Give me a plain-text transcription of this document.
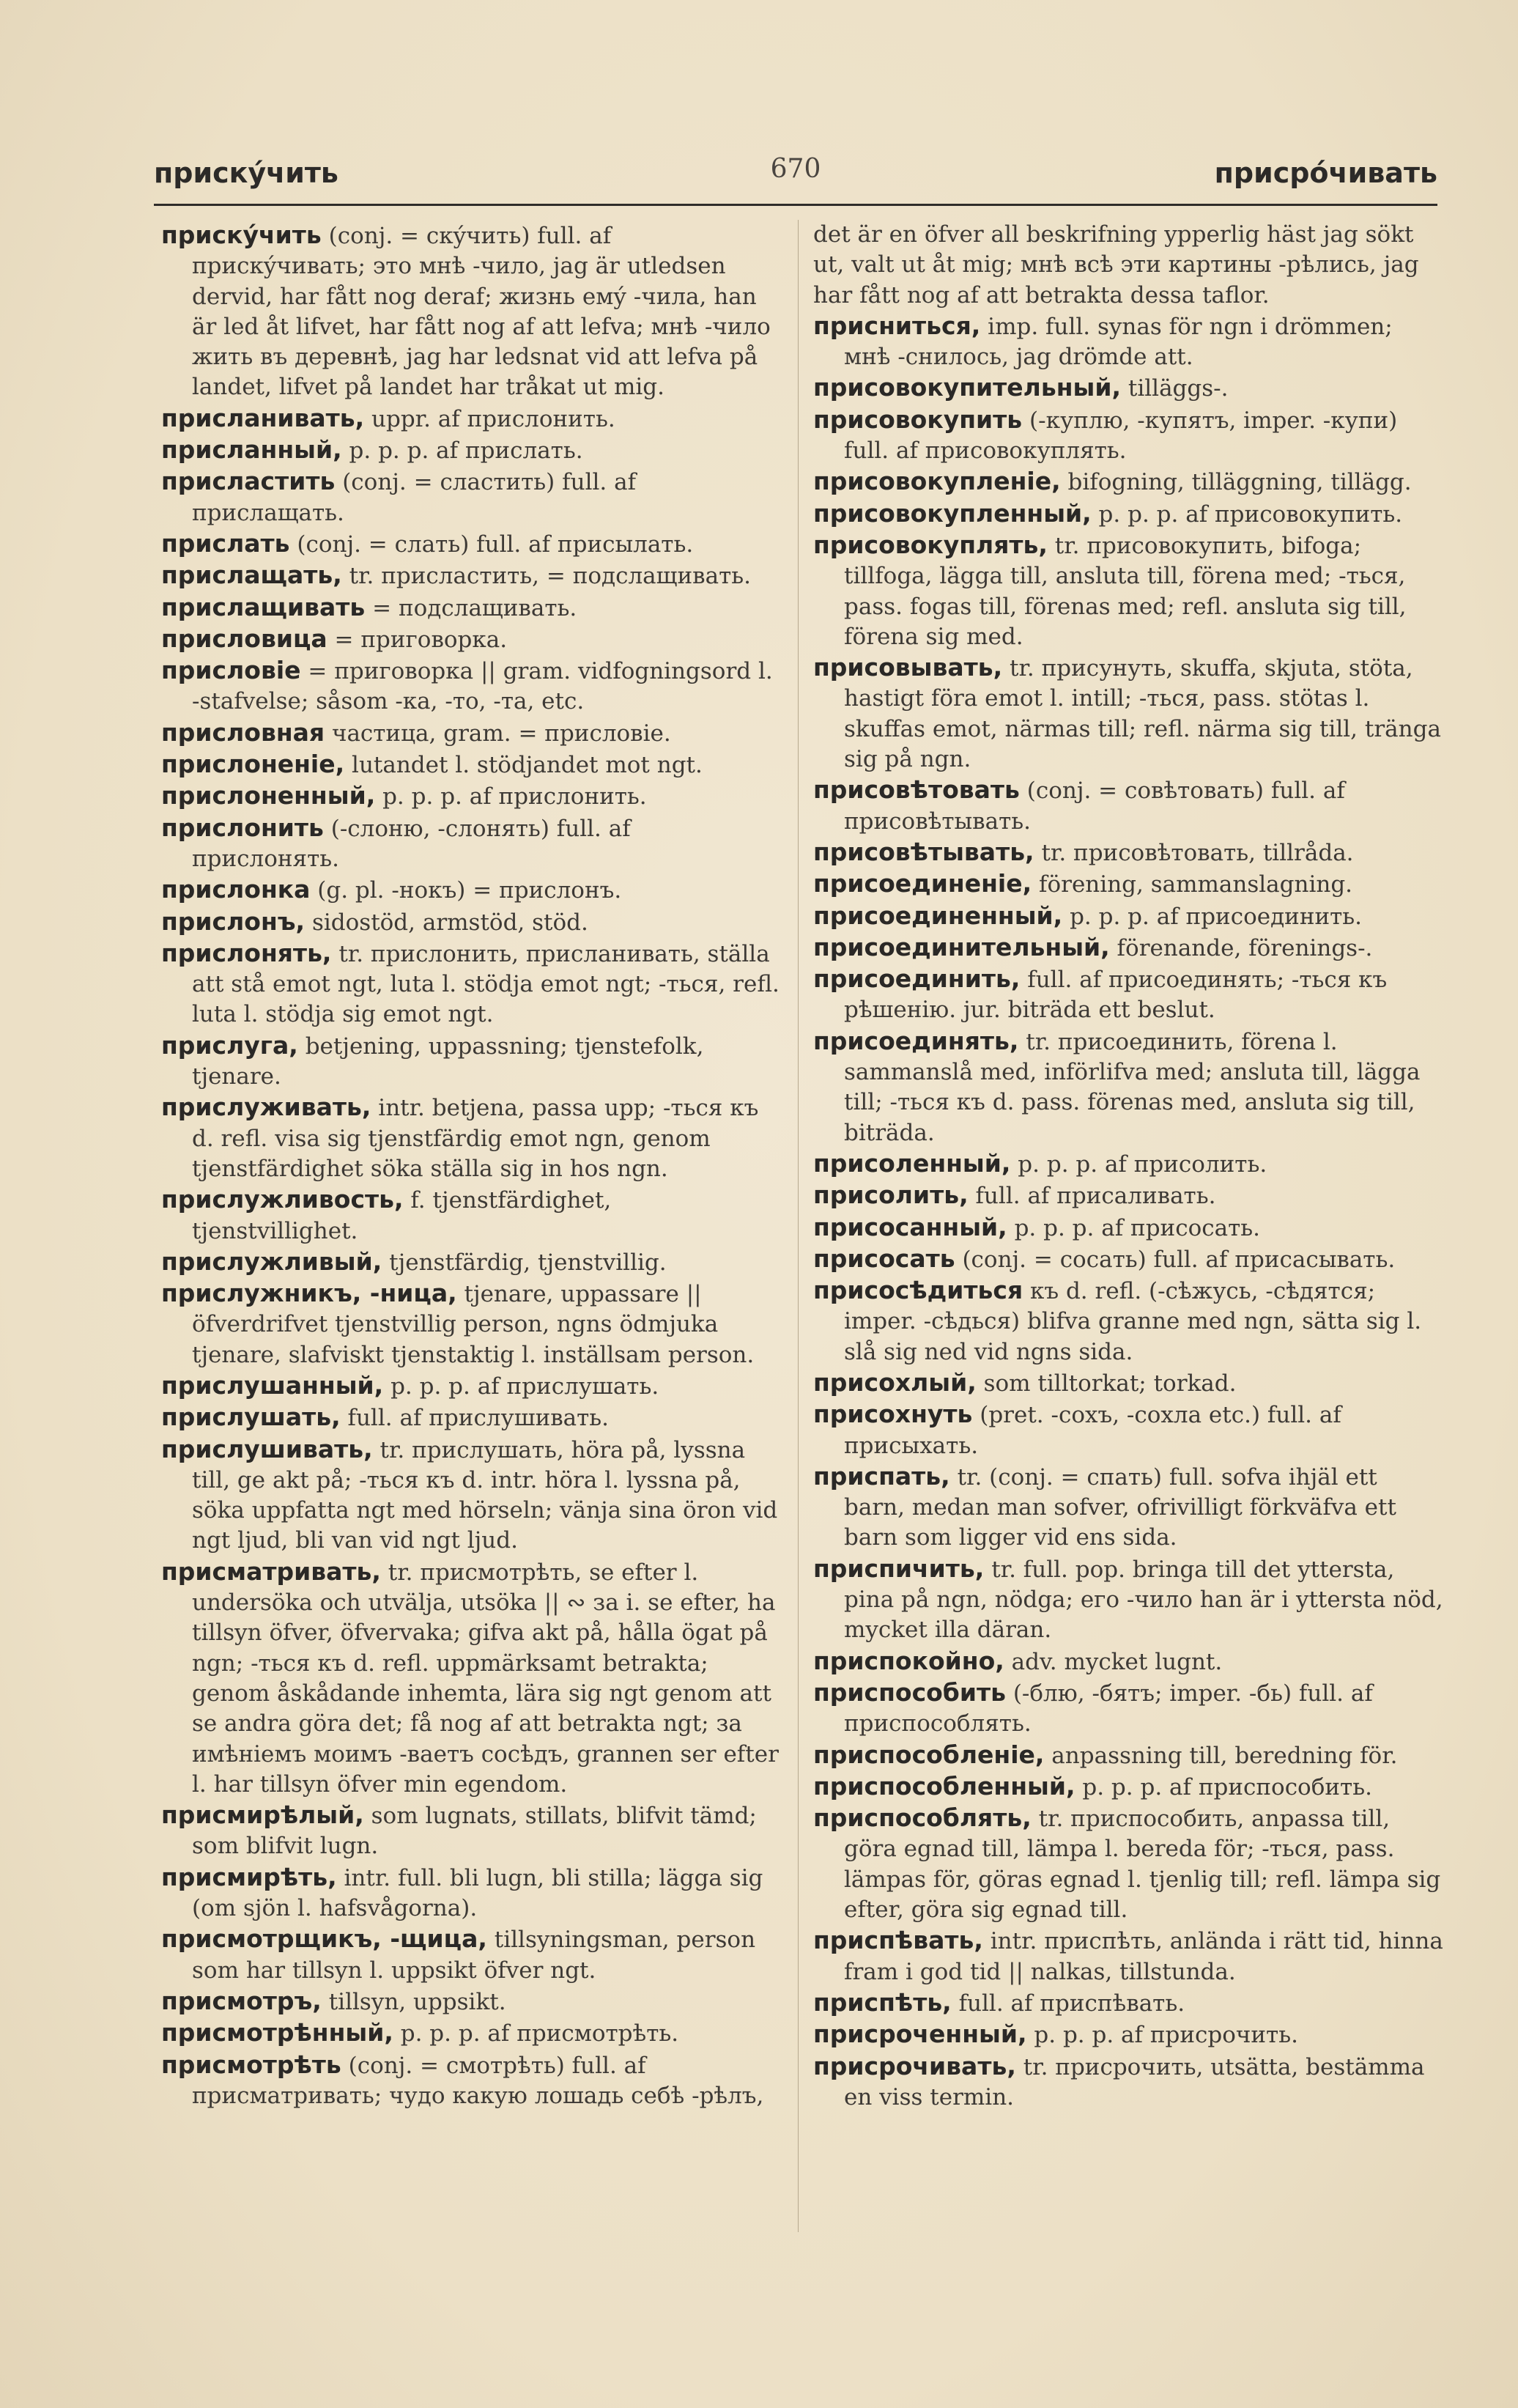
прискýчить	670	присрóчивать

прискýчить (conj. = скýчить) full. af прискýчивать; это мнѣ -чило, jag är utledsen dervid, har fått nog deraf; жизнь емý -чила, han är led åt lifvet, har fått nog af att lefva; мнѣ -чило жить въ деревнѣ, jag har ledsnat vid att lefva på landet, lifvet på landet har tråkat ut mig.

присланивать, uppr. af прислонить.

присланный, p. p. p. af прислать.

присластить (conj. = сластить) full. af прислащать.

прислать (conj. = слать) full. af присылать.

прислащать, tr. присластить, = подслащивать.

прислащивать = подслащивать.

присловица = приговорка.

присловіе = приговорка || gram. vidfogningsord l. -stafvelse; såsom -ка, -то, -та, etc.

присловная частица, gram. = присловіе.

прислоненіе, lutandet l. stödjandet mot ngt.

прислоненный, p. p. p. af прислонить.

прислонить (-слоню, -слонять) full. af прислонять.

прислонка (g. pl. -нокъ) = прислонъ.

прислонъ, sidostöd, armstöd, stöd.

прислонять, tr. прислонить, присланивать, ställa att stå emot ngt, luta l. stödja emot ngt; -ться, refl. luta l. stödja sig emot ngt.

прислуга, betjening, uppassning; tjenstefolk, tjenare.

прислуживать, intr. betjena, passa upp; -ться къ d. refl. visa sig tjenstfärdig emot ngn, genom tjenstfärdighet söka ställa sig in hos ngn.

прислужливость, f. tjenstfärdighet, tjenstvillighet.

прислужливый, tjenstfärdig, tjenstvillig.

прислужникъ, -ница, tjenare, uppassare || öfverdrifvet tjenstvillig person, ngns ödmjuka tjenare, slafviskt tjenstaktig l. inställsam person.

прислушанный, p. p. p. af прислушать.

прислушать, full. af прислушивать.

прислушивать, tr. прислушать, höra på, lyssna till, ge akt på; -ться къ d. intr. höra l. lyssna på, söka uppfatta ngt med hörseln; vänja sina öron vid ngt ljud, bli van vid ngt ljud.

присматривать, tr. присмотрѣть, se efter l. undersöka och utvälja, utsöka || ∾ за i. se efter, ha tillsyn öfver, öfvervaka; gifva akt på, hålla ögat på ngn; -ться къ d. refl. uppmärksamt betrakta; genom åskådande inhemta, lära sig ngt genom att se andra göra det; få nog af att betrakta ngt; за имѣніемъ моимъ -ваетъ сосѣдъ, grannen ser efter l. har tillsyn öfver min egendom.

присмирѣлый, som lugnats, stillats, blifvit tämd; som blifvit lugn.

присмирѣть, intr. full. bli lugn, bli stilla; lägga sig (om sjön l. hafsvågorna).

присмотрщикъ, -щица, tillsyningsman, person som har tillsyn l. uppsikt öfver ngt.

присмотръ, tillsyn, uppsikt.

присмотрѣнный, p. p. p. af присмотрѣть.

присмотрѣть (conj. = смотрѣть) full. af присматривать; чудо какую лошадь себѣ -рѣлъ,

det är en öfver all beskrifning ypperlig häst jag sökt ut, valt ut åt mig; мнѣ всѣ эти картины -рѣлись, jag har fått nog af att betrakta dessa taflor.

присниться, imp. full. synas för ngn i drömmen; мнѣ -снилось, jag drömde att.

присовокупительный, tilläggs-.

присовокупить (-куплю, -купятъ, imper. -купи) full. af присовокуплять.

присовокупленіе, bifogning, tilläggning, tillägg.

присовокупленный, p. p. p. af присовокупить.

присовокуплять, tr. присовокупить, bifoga; tillfoga, lägga till, ansluta till, förena med; -ться, pass. fogas till, förenas med; refl. ansluta sig till, förena sig med.

присовывать, tr. присунуть, skuffa, skjuta, stöta, hastigt föra emot l. intill; -ться, pass. stötas l. skuffas emot, närmas till; refl. närma sig till, tränga sig på ngn.

присовѣтовать (conj. = совѣтовать) full. af присовѣтывать.

присовѣтывать, tr. присовѣтовать, tillråda.

присоединеніе, förening, sammanslagning.

присоединенный, p. p. p. af присоединить.

присоединительный, förenande, förenings-.

присоединить, full. af присоединять; -ться къ рѣшенію. jur. biträda ett beslut.

присоединять, tr. присоединить, förena l. sammanslå med, införlifva med; ansluta till, lägga till; -ться къ d. pass. förenas med, ansluta sig till, biträda.

присоленный, p. p. p. af присолить.

присолить, full. af присаливать.

присосанный, p. p. p. af присосать.

присосать (conj. = сосать) full. af присасывать.

присосѣдиться къ d. refl. (-сѣжусь, -сѣдятся; imper. -сѣдься) blifva granne med ngn, sätta sig l. slå sig ned vid ngns sida.

присохлый, som tilltorkat; torkad.

присохнуть (pret. -сохъ, -сохла etc.) full. af присыхать.

приспать, tr. (conj. = спать) full. sofva ihjäl ett barn, medan man sofver, ofrivilligt förkväfva ett barn som ligger vid ens sida.

приспичить, tr. full. pop. bringa till det yttersta, pina på ngn, nödga; его -чило han är i yttersta nöd, mycket illa däran.

приспокойно, adv. mycket lugnt.

приспособить (-блю, -бятъ; imper. -бь) full. af приспособлять.

приспособленіе, anpassning till, beredning för.

приспособленный, p. p. p. af приспособить.

приспособлять, tr. приспособить, anpassa till, göra egnad till, lämpa l. bereda för; -ться, pass. lämpas för, göras egnad l. tjenlig till; refl. lämpa sig efter, göra sig egnad till.

приспѣвать, intr. приспѣть, anlända i rätt tid, hinna fram i god tid || nalkas, tillstunda.

приспѣть, full. af приспѣвать.

присроченный, p. p. p. af присрочить.

присрочивать, tr. присрочить, utsätta, bestämma en viss termin.
